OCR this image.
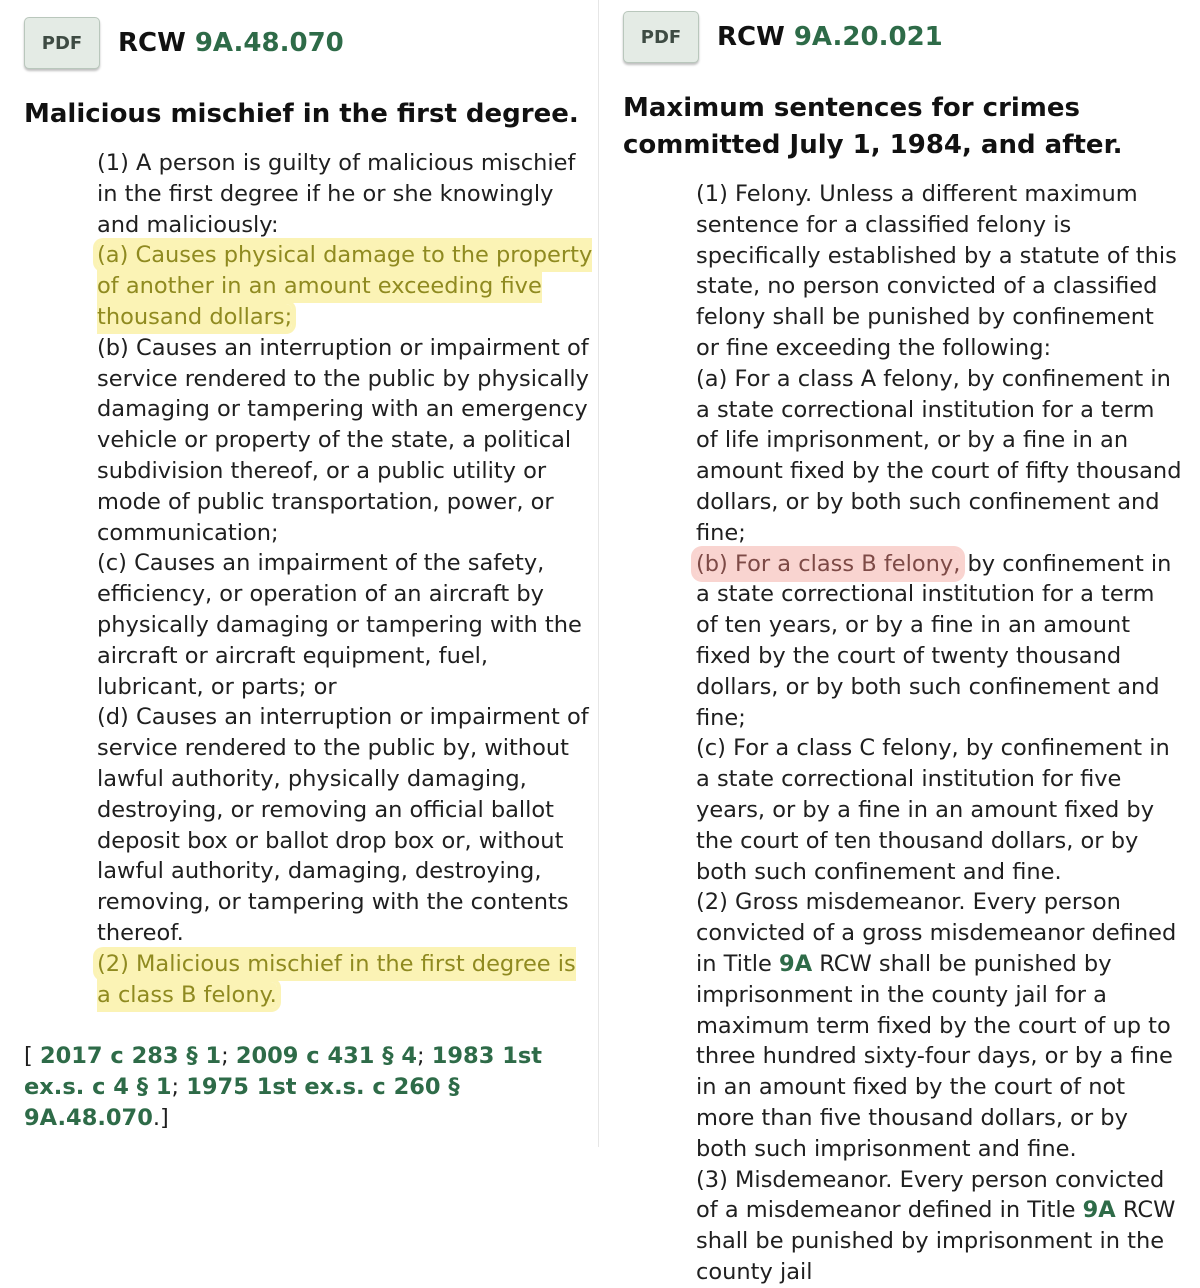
PDF	RCW 9A.48.070
Malicious mischief in the first degree.

(1) A person is guilty of malicious mischief in the first degree if he or she knowingly and maliciously:

(a) Causes physical damage to the property of another in an amount exceeding five thousand dollars;

(b) Causes an interruption or impairment of service rendered to the public by physically damaging or tampering with an emergency vehicle or property of the state, a political subdivision thereof, or a public utility or mode of public transportation, power, or communication;

(c) Causes an impairment of the safety, efficiency, or operation of an aircraft by physically damaging or tampering with the aircraft or aircraft equipment, fuel, lubricant, or parts; or

(d) Causes an interruption or impairment of service rendered to the public by, without lawful authority, physically damaging, destroying, or removing an official ballot deposit box or ballot drop box or, without lawful authority, damaging, destroying, removing, or tampering with the contents thereof.

(2) Malicious mischief in the first degree is a class B felony.

[ 2017 c 283 § 1; 2009 c 431 § 4; 1983 1st ex.s. c 4 § 1; 1975 1st ex.s. c 260 § 9A.48.070.]
PDF	RCW 9A.20.021
Maximum sentences for crimes committed July 1, 1984, and after.

(1) Felony. Unless a different maximum sentence for a classified felony is specifically established by a statute of this state, no person convicted of a classified felony shall be punished by confinement or fine exceeding the following:

(a) For a class A felony, by confinement in a state correctional institution for a term of life imprisonment, or by a fine in an amount fixed by the court of fifty thousand dollars, or by both such confinement and fine;

(b) For a class B felony, by confinement in a state correctional institution for a term of ten years, or by a fine in an amount fixed by the court of twenty thousand dollars, or by both such confinement and fine;

(c) For a class C felony, by confinement in a state correctional institution for five years, or by a fine in an amount fixed by the court of ten thousand dollars, or by both such confinement and fine.

(2) Gross misdemeanor. Every person convicted of a gross misdemeanor defined in Title 9A RCW shall be punished by imprisonment in the county jail for a maximum term fixed by the court of up to three hundred sixty-four days, or by a fine in an amount fixed by the court of not more than five thousand dollars, or by both such imprisonment and fine.

(3) Misdemeanor. Every person convicted of a misdemeanor defined in Title 9A RCW shall be punished by imprisonment in the county jail
